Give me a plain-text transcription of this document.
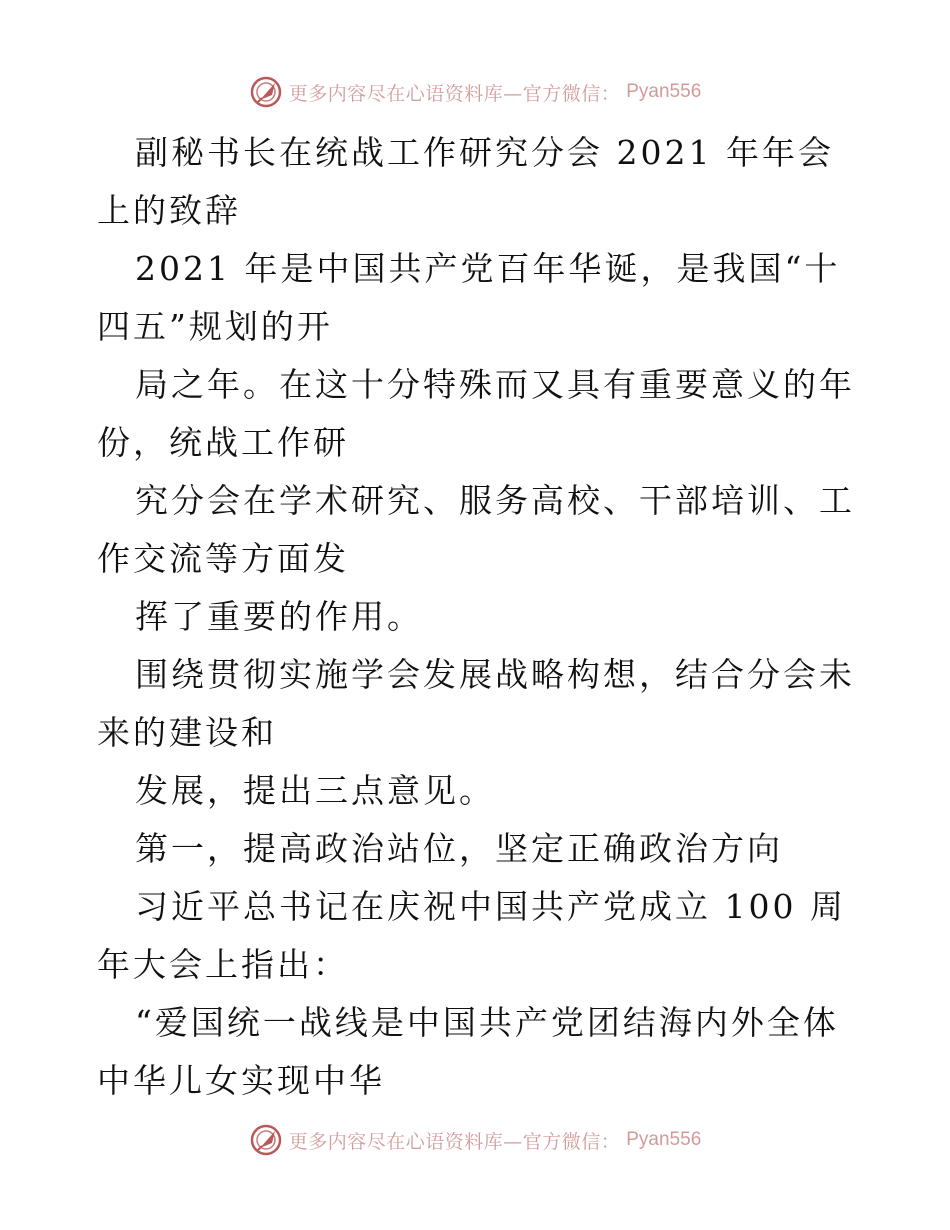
更多内容尽在心语资料库—官方微信： Pyan556

副秘书长在统战工作研究分会 2021 年年会上的致辞

2021 年是中国共产党百年华诞，是我国“十四五”规划的开

局之年。在这十分特殊而又具有重要意义的年份，统战工作研

究分会在学术研究、服务高校、干部培训、工作交流等方面发

挥了重要的作用。

围绕贯彻实施学会发展战略构想，结合分会未来的建设和

发展，提出三点意见。

第一，提高政治站位，坚定正确政治方向

习近平总书记在庆祝中国共产党成立 100 周年大会上指出：

“爱国统一战线是中国共产党团结海内外全体中华儿女实现中华

更多内容尽在心语资料库—官方微信： Pyan556
